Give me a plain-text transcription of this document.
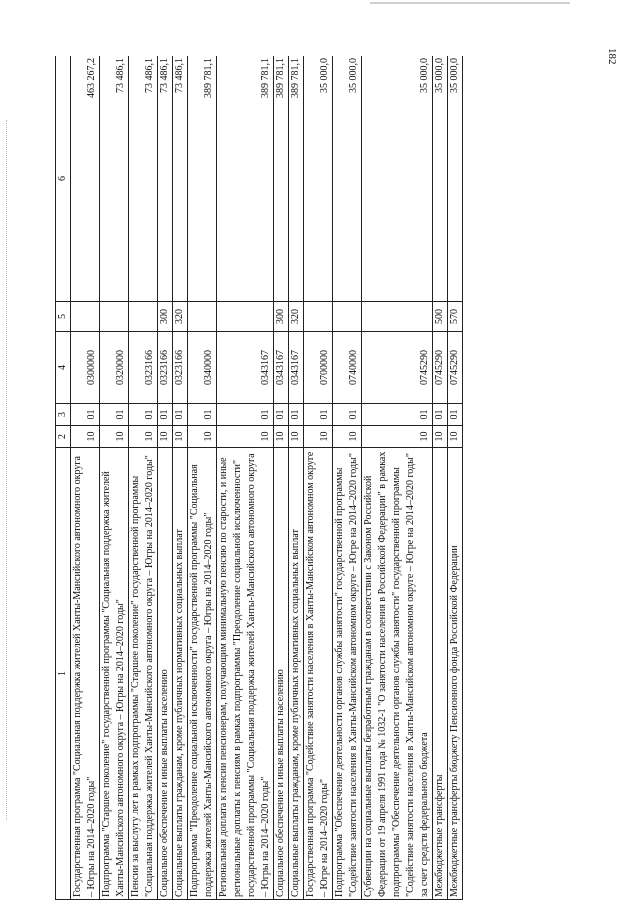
182
1	2	3	4	5	6
Государственная программа "Социальная поддержка жителей Ханты-Мансийского автономного округа – Югры на 2014–2020 годы"	10	01	0300000		463 267,2
Подпрограмма "Старшее поколение" государственной программы "Социальная поддержка жителей Ханты-Мансийского автономного округа – Югры на 2014–2020 годы"	10	01	0320000		73 486,1
Пенсии за выслугу лет в рамках подпрограммы "Старшее поколение" государственной программы "Социальная поддержка жителей Ханты-Мансийского автономного округа – Югры на 2014–2020 годы"	10	01	0323166		73 486,1
Социальное обеспечение и иные выплаты населению	10	01	0323166	300	73 486,1
Социальные выплаты гражданам, кроме публичных нормативных социальных выплат	10	01	0323166	320	73 486,1
Подпрограмма "Преодоление социальной исключенности" государственной программы "Социальная поддержка жителей Ханты-Мансийского автономного округа – Югры на 2014–2020 годы"	10	01	0340000		389 781,1
Региональная доплата к пенсии пенсионерам, получающим минимальную пенсию по старости, и иные региональные доплаты к пенсиям в рамках подпрограммы "Преодоление социальной исключенности" государственной программы "Социальная поддержка жителей Ханты-Мансийского автономного округа – Югры на 2014–2020 годы"	10	01	0343167		389 781,1
Социальное обеспечение и иные выплаты населению	10	01	0343167	300	389 781,1
Социальные выплаты гражданам, кроме публичных нормативных социальных выплат	10	01	0343167	320	389 781,1
Государственная программа "Содействие занятости населения в Ханты-Мансийском автономном округе – Югре на 2014–2020 годы"	10	01	0700000		35 000,0
Подпрограмма "Обеспечение деятельности органов службы занятости" государственной программы "Содействие занятости населения в Ханты-Мансийском автономном округе – Югре на 2014–2020 годы"	10	01	0740000		35 000,0
Субвенции на социальные выплаты безработным гражданам в соответствии с Законом Российской Федерации от 19 апреля 1991 года № 1032-1 "О занятости населения в Российской Федерации" в рамках подпрограммы "Обеспечение деятельности органов службы занятости" государственной программы "Содействие занятости населения в Ханты-Мансийском автономном округе – Югре на 2014–2020 годы" за счет средств федерального бюджета	10	01	0745290		35 000,0
Межбюджетные трансферты	10	01	0745290	500	35 000,0
Межбюджетные трансферты бюджету Пенсионного фонда Российской Федерации	10	01	0745290	570	35 000,0
